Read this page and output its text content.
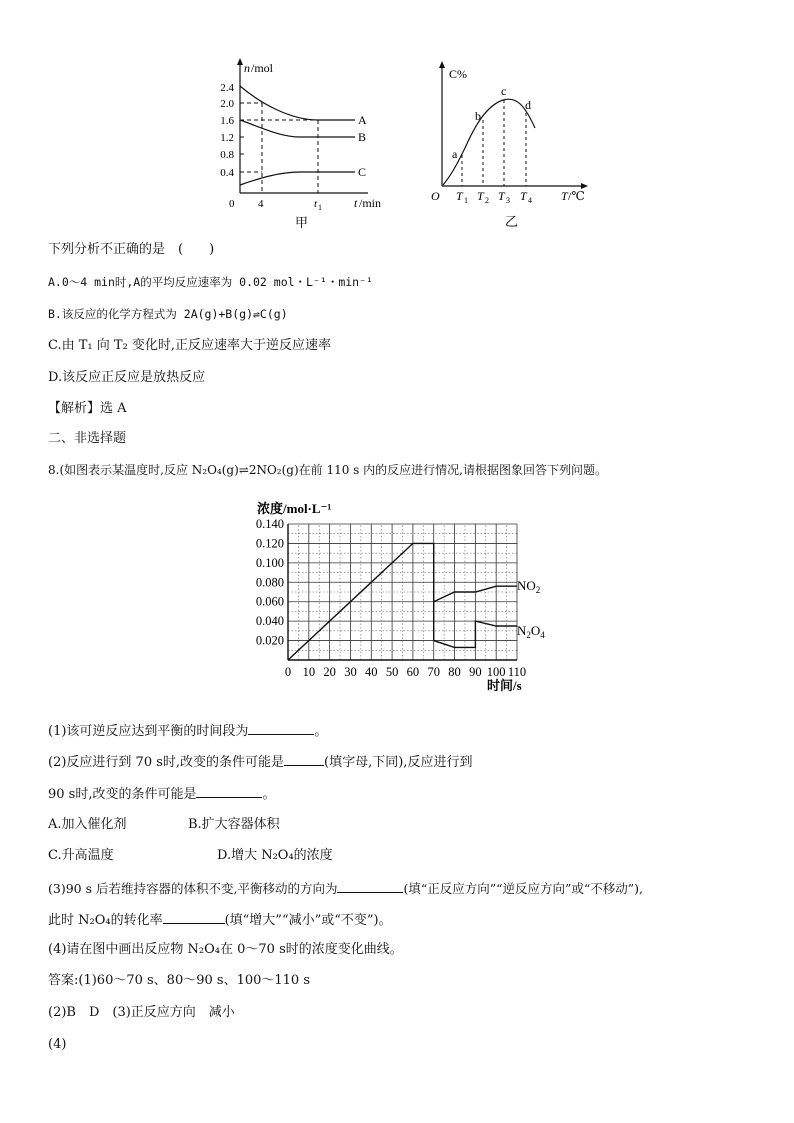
n /mol
2.4
2.0
1.6
1.2
0.8
0.4
A
B
C
0 4	t 1	t /min
甲
C%
a
b
c
d
O T T T T
1 2 3 4 T /℃
乙
下列分析不正确的是　(　　)
A.0～4 min时,A的平均反应速率为 0.02 mol・L⁻¹・min⁻¹
B.该反应的化学方程式为 2A(g)+B(g)⇌C(g)
C.由 T₁ 向 T₂ 变化时,正反应速率大于逆反应速率
D.该反应正反应是放热反应
【解析】选 A
二、非选择题
8.(如图表示某温度时,反应 N₂O₄(g)⇌2NO₂(g)在前 110 s 内的反应进行情况,请根据图象回答下列问题。
浓度/mol·L⁻¹
0.020
0.040
0.060
0.080
0.100
0.120
0.140
0 10 20 30 40 50 60 70 80 90 100 110
$NO_2$
$N_2O_4$
时间/s
(1)该可逆反应达到平衡的时间段为	。
(2)反应进行到 70 s时,改变的条件可能是	(填字母,下同),反应进行到
90 s时,改变的条件可能是	。
A.加入催化剂	B.扩大容器体积
C.升高温度	D.增大 N₂O₄的浓度
(3)90 s 后若维持容器的体积不变,平衡移动的方向为	(填“正反应方向”“逆反应方向”或“不移动”),
此时 N₂O₄的转化率	(填“增大”“减小”或“不变”)。
(4)请在图中画出反应物 N₂O₄在 0～70 s时的浓度变化曲线。
答案:(1)60～70 s、80～90 s、100～110 s
(2)B　D　(3)正反应方向　减小
(4)
